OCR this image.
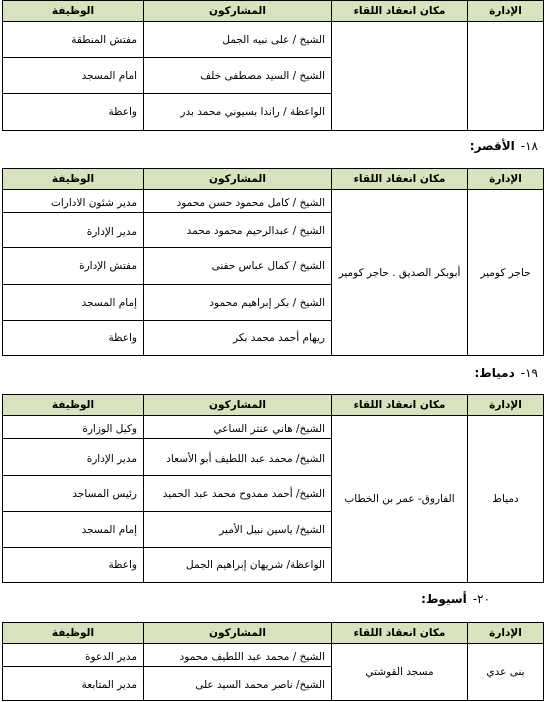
الإدارة	مكان انعقاد اللقاء	المشاركون	الوظيفة
		الشيخ / على نبيه الجمل	مفتش المنطقة
		الشيخ / السيد مصطفى خلف	امام المسجد
		الواعظة / راندا بسيوني محمد بدر	واعظة
١٨-الأقصر:
الإدارة	مكان انعقاد اللقاء	المشاركون	الوظيفة
حاجر كومير	أبوبكر الصديق . حاجر كومير	الشيخ / كامل محمود حسن محمود	مدير شئون الادارات
		الشيخ / عبدالرحيم محمود محمد	مدير الإدارة
		الشيخ / كمال عباس حفنى	مفتش الإدارة
		الشيخ / بكر إبراهيم محمود	إمام المسجد
		ريهام أحمد محمد بكر	واعظة
١٩-دمياط:
الإدارة	مكان انعقاد اللقاء	المشاركون	الوظيفة
دمياط	الفاروق- عمر بن الخطاب	الشيخ/ هاني عنتر الساعي	وكيل الوزارة
		الشيخ/ محمد عبد اللطيف أبو الأسعاد	مدير الإدارة
		الشيخ/ أحمد ممدوح محمد عبد الحميد	رئيس المساجد
		الشيخ/ ياسين نبيل الأمير	إمام المسجد
		الواعظة/ شريهان إبراهيم الجمل	واعظة
٢٠-أسيوط:
الإدارة	مكان انعقاد اللقاء	المشاركون	الوظيفة
بنى عدي	مسجد القوشتي	الشيخ / محمد عبد اللطيف محمود	مدير الدعوة
		الشيخ/ ناصر محمد السيد على	مدير المتابعة
